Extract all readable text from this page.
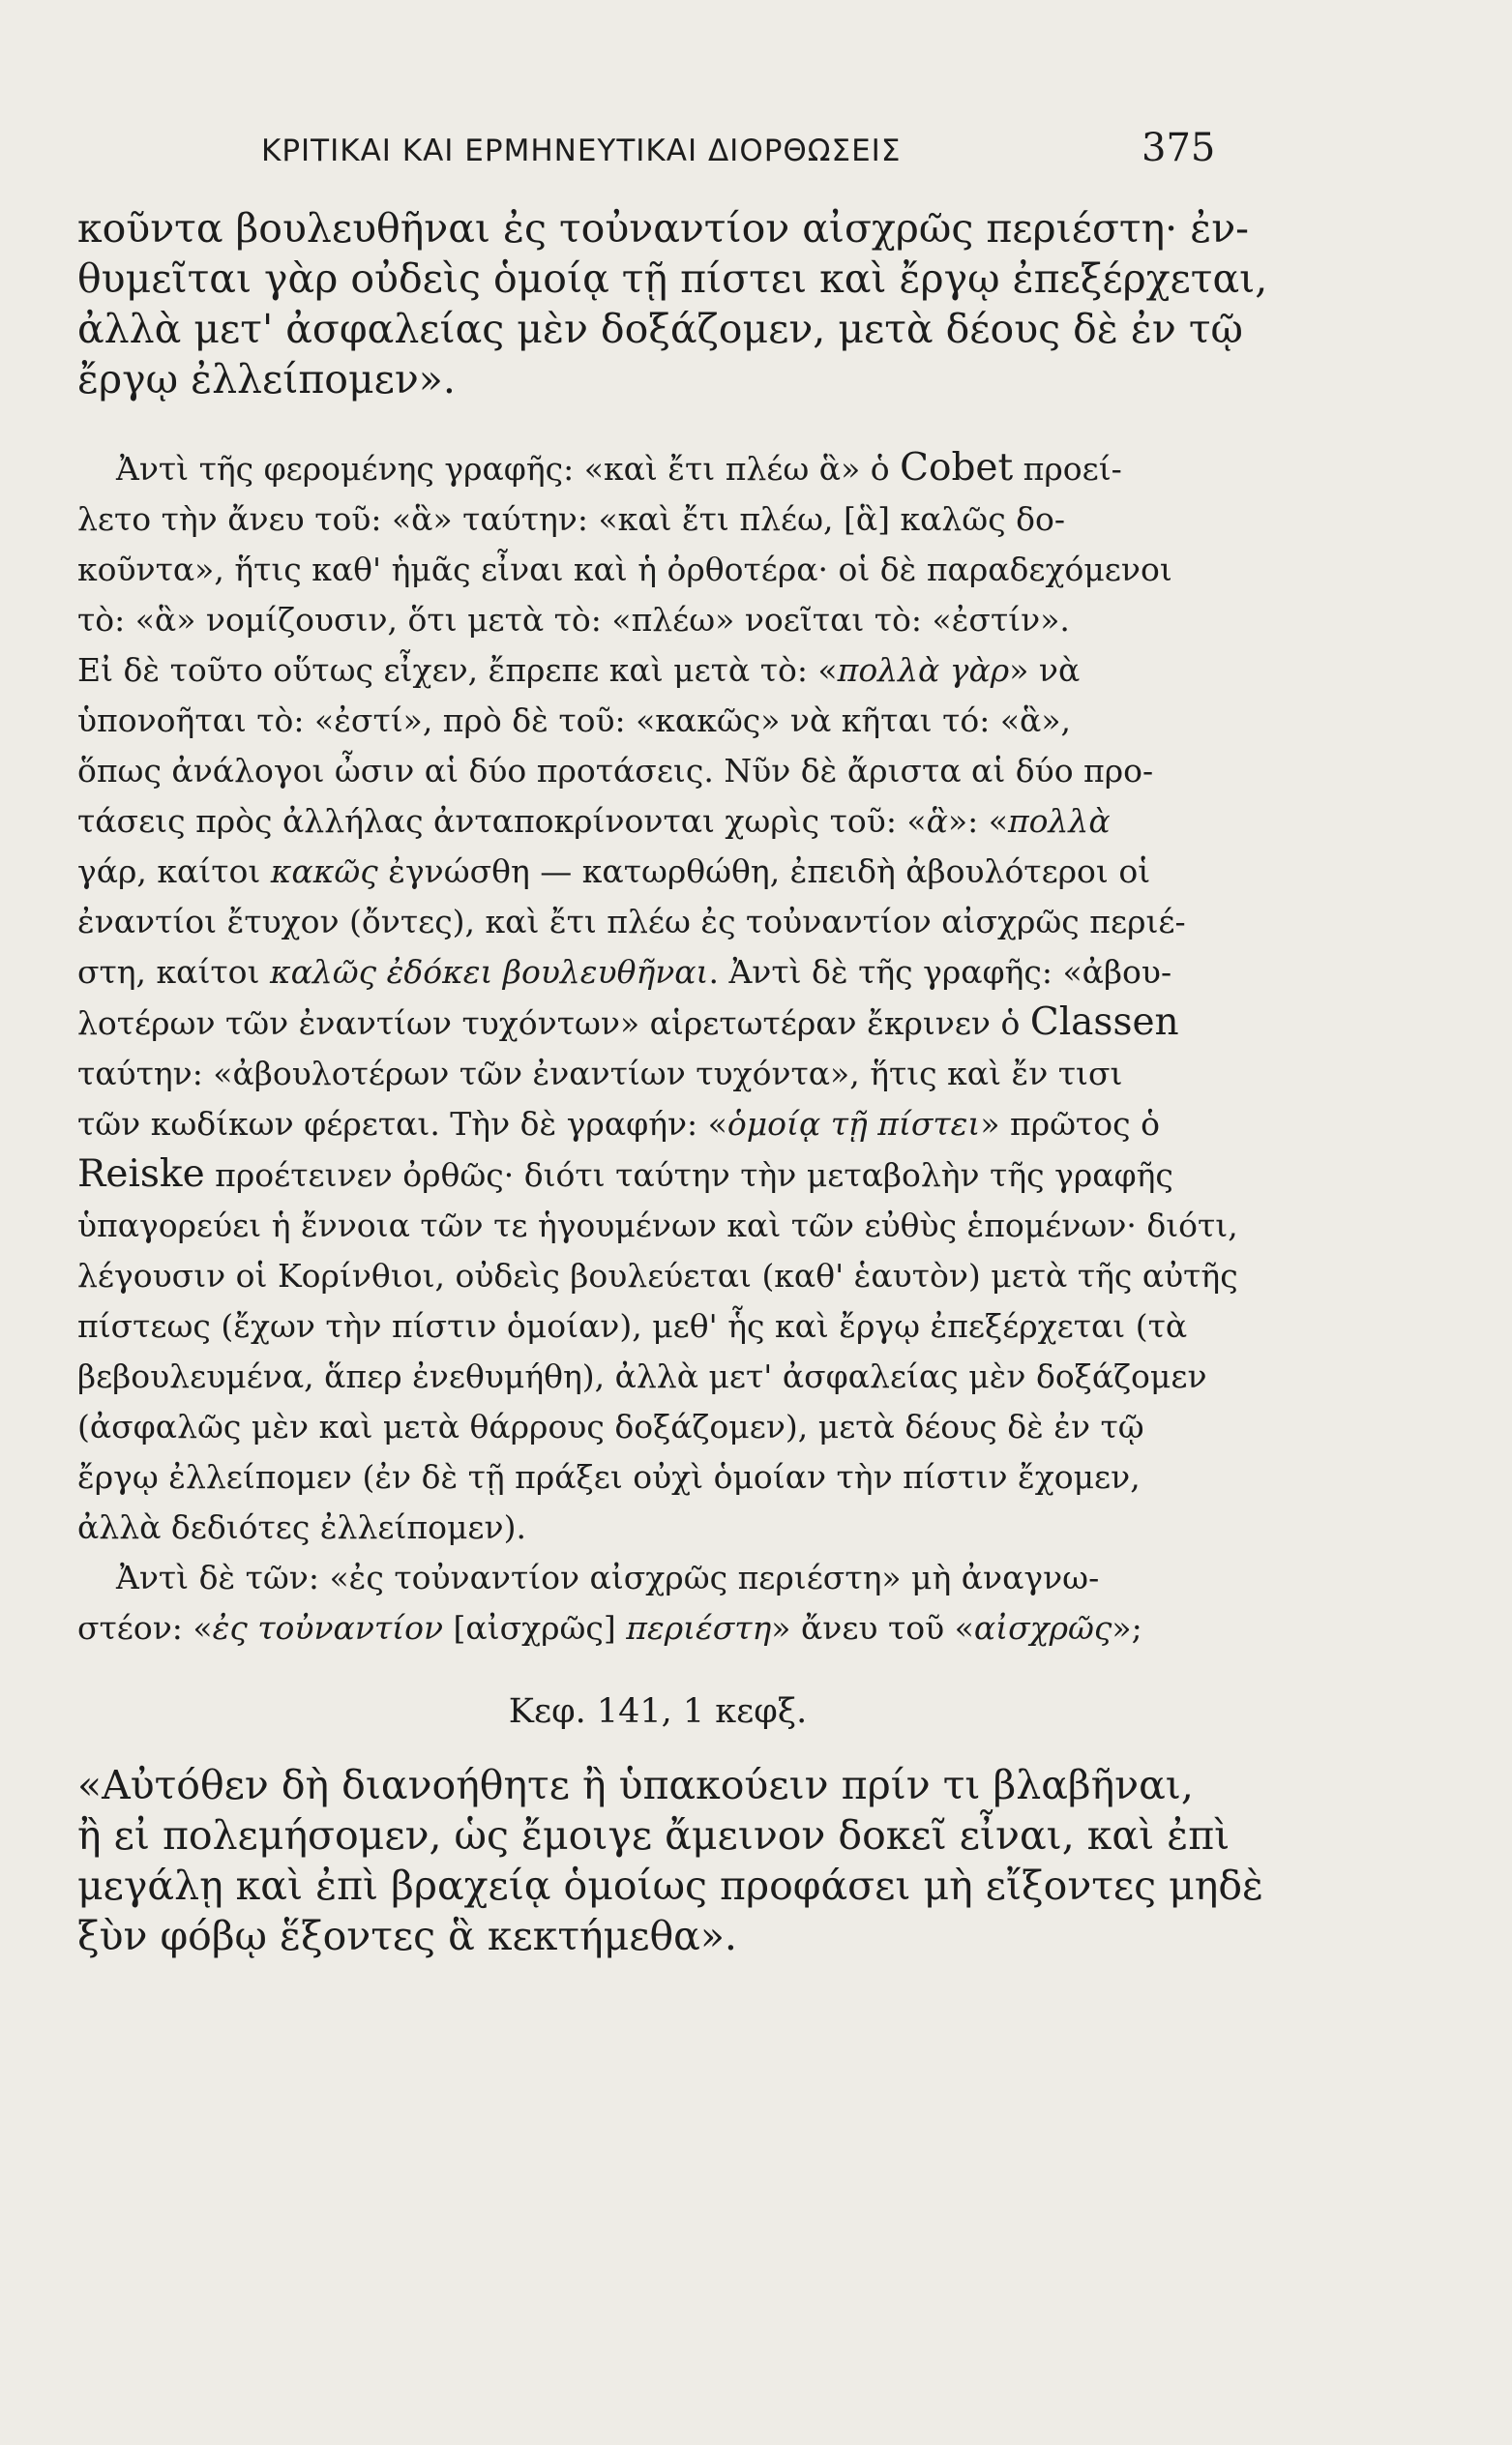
ΚΡΙΤΙΚΑΙ ΚΑΙ ΕΡΜΗΝΕΥΤΙΚΑΙ ΔΙΟΡΘΩΣΕΙΣ	375
κοῦντα βουλευθῆναι ἐς τοὐναντίον αἰσχρῶς περιέστη· ἐν-
θυμεῖται γὰρ οὐδεὶς ὁμοίᾳ τῇ πίστει καὶ ἔργῳ ἐπεξέρχεται,
ἀλλὰ μετ' ἀσφαλείας μὲν δοξάζομεν, μετὰ δέους δὲ ἐν τῷ
ἔργῳ ἐλλείπομεν».
Ἀντὶ τῆς φερομένης γραφῆς: «καὶ ἔτι πλέω ἃ» ὁ Cobet προεί-
λετο τὴν ἄνευ τοῦ: «ἃ» ταύτην: «καὶ ἔτι πλέω, [ἃ] καλῶς δο-
κοῦντα», ἥτις καθ' ἡμᾶς εἶναι καὶ ἡ ὀρθοτέρα· οἱ δὲ παραδεχόμενοι
τὸ: «ἃ» νομίζουσιν, ὅτι μετὰ τὸ: «πλέω» νοεῖται τὸ: «ἐστίν».
Εἰ δὲ τοῦτο οὕτως εἶχεν, ἔπρεπε καὶ μετὰ τὸ: «πολλὰ γὰρ» νὰ
ὑπονοῆται τὸ: «ἐστί», πρὸ δὲ τοῦ: «κακῶς» νὰ κῆται τό: «ἃ»,
ὅπως ἀνάλογοι ὦσιν αἱ δύο προτάσεις. Νῦν δὲ ἄριστα αἱ δύο προ-
τάσεις πρὸς ἀλλήλας ἀνταποκρίνονται χωρὶς τοῦ: «ἃ»: «πολλὰ
γάρ, καίτοι κακῶς ἐγνώσθη — κατωρθώθη, ἐπειδὴ ἀβουλότεροι οἱ
ἐναντίοι ἔτυχον (ὄντες), καὶ ἔτι πλέω ἐς τοὐναντίον αἰσχρῶς περιέ-
στη, καίτοι καλῶς ἐδόκει βουλευθῆναι. Ἀντὶ δὲ τῆς γραφῆς: «ἀβου-
λοτέρων τῶν ἐναντίων τυχόντων» αἱρετωτέραν ἔκρινεν ὁ Classen
ταύτην: «ἀβουλοτέρων τῶν ἐναντίων τυχόντα», ἥτις καὶ ἔν τισι
τῶν κωδίκων φέρεται. Τὴν δὲ γραφήν: «ὁμοίᾳ τῇ πίστει» πρῶτος ὁ
Reiske προέτεινεν ὀρθῶς· διότι ταύτην τὴν μεταβολὴν τῆς γραφῆς
ὑπαγορεύει ἡ ἔννοια τῶν τε ἡγουμένων καὶ τῶν εὐθὺς ἑπομένων· διότι,
λέγουσιν οἱ Κορίνθιοι, οὐδεὶς βουλεύεται (καθ' ἑαυτὸν) μετὰ τῆς αὐτῆς
πίστεως (ἔχων τὴν πίστιν ὁμοίαν), μεθ' ἧς καὶ ἔργῳ ἐπεξέρχεται (τὰ
βεβουλευμένα, ἅπερ ἐνεθυμήθη), ἀλλὰ μετ' ἀσφαλείας μὲν δοξάζομεν
(ἀσφαλῶς μὲν καὶ μετὰ θάρρους δοξάζομεν), μετὰ δέους δὲ ἐν τῷ
ἔργῳ ἐλλείπομεν (ἐν δὲ τῇ πράξει οὐχὶ ὁμοίαν τὴν πίστιν ἔχομεν,
ἀλλὰ δεδιότες ἐλλείπομεν).
Ἀντὶ δὲ τῶν: «ἐς τοὐναντίον αἰσχρῶς περιέστη» μὴ ἀναγνω-
στέον: «ἐς τοὐναντίον [αἰσχρῶς] περιέστη» ἄνευ τοῦ «αἰσχρῶς»;
Κεφ. 141, 1 κεφξ.
«Αὐτόθεν δὴ διανοήθητε ἢ ὑπακούειν πρίν τι βλαβῆναι,
ἢ εἰ πολεμήσομεν, ὡς ἔμοιγε ἄμεινον δοκεῖ εἶναι, καὶ ἐπὶ
μεγάλῃ καὶ ἐπὶ βραχείᾳ ὁμοίως προφάσει μὴ εἴξοντες μηδὲ
ξὺν φόβῳ ἕξοντες ἃ κεκτήμεθα».
